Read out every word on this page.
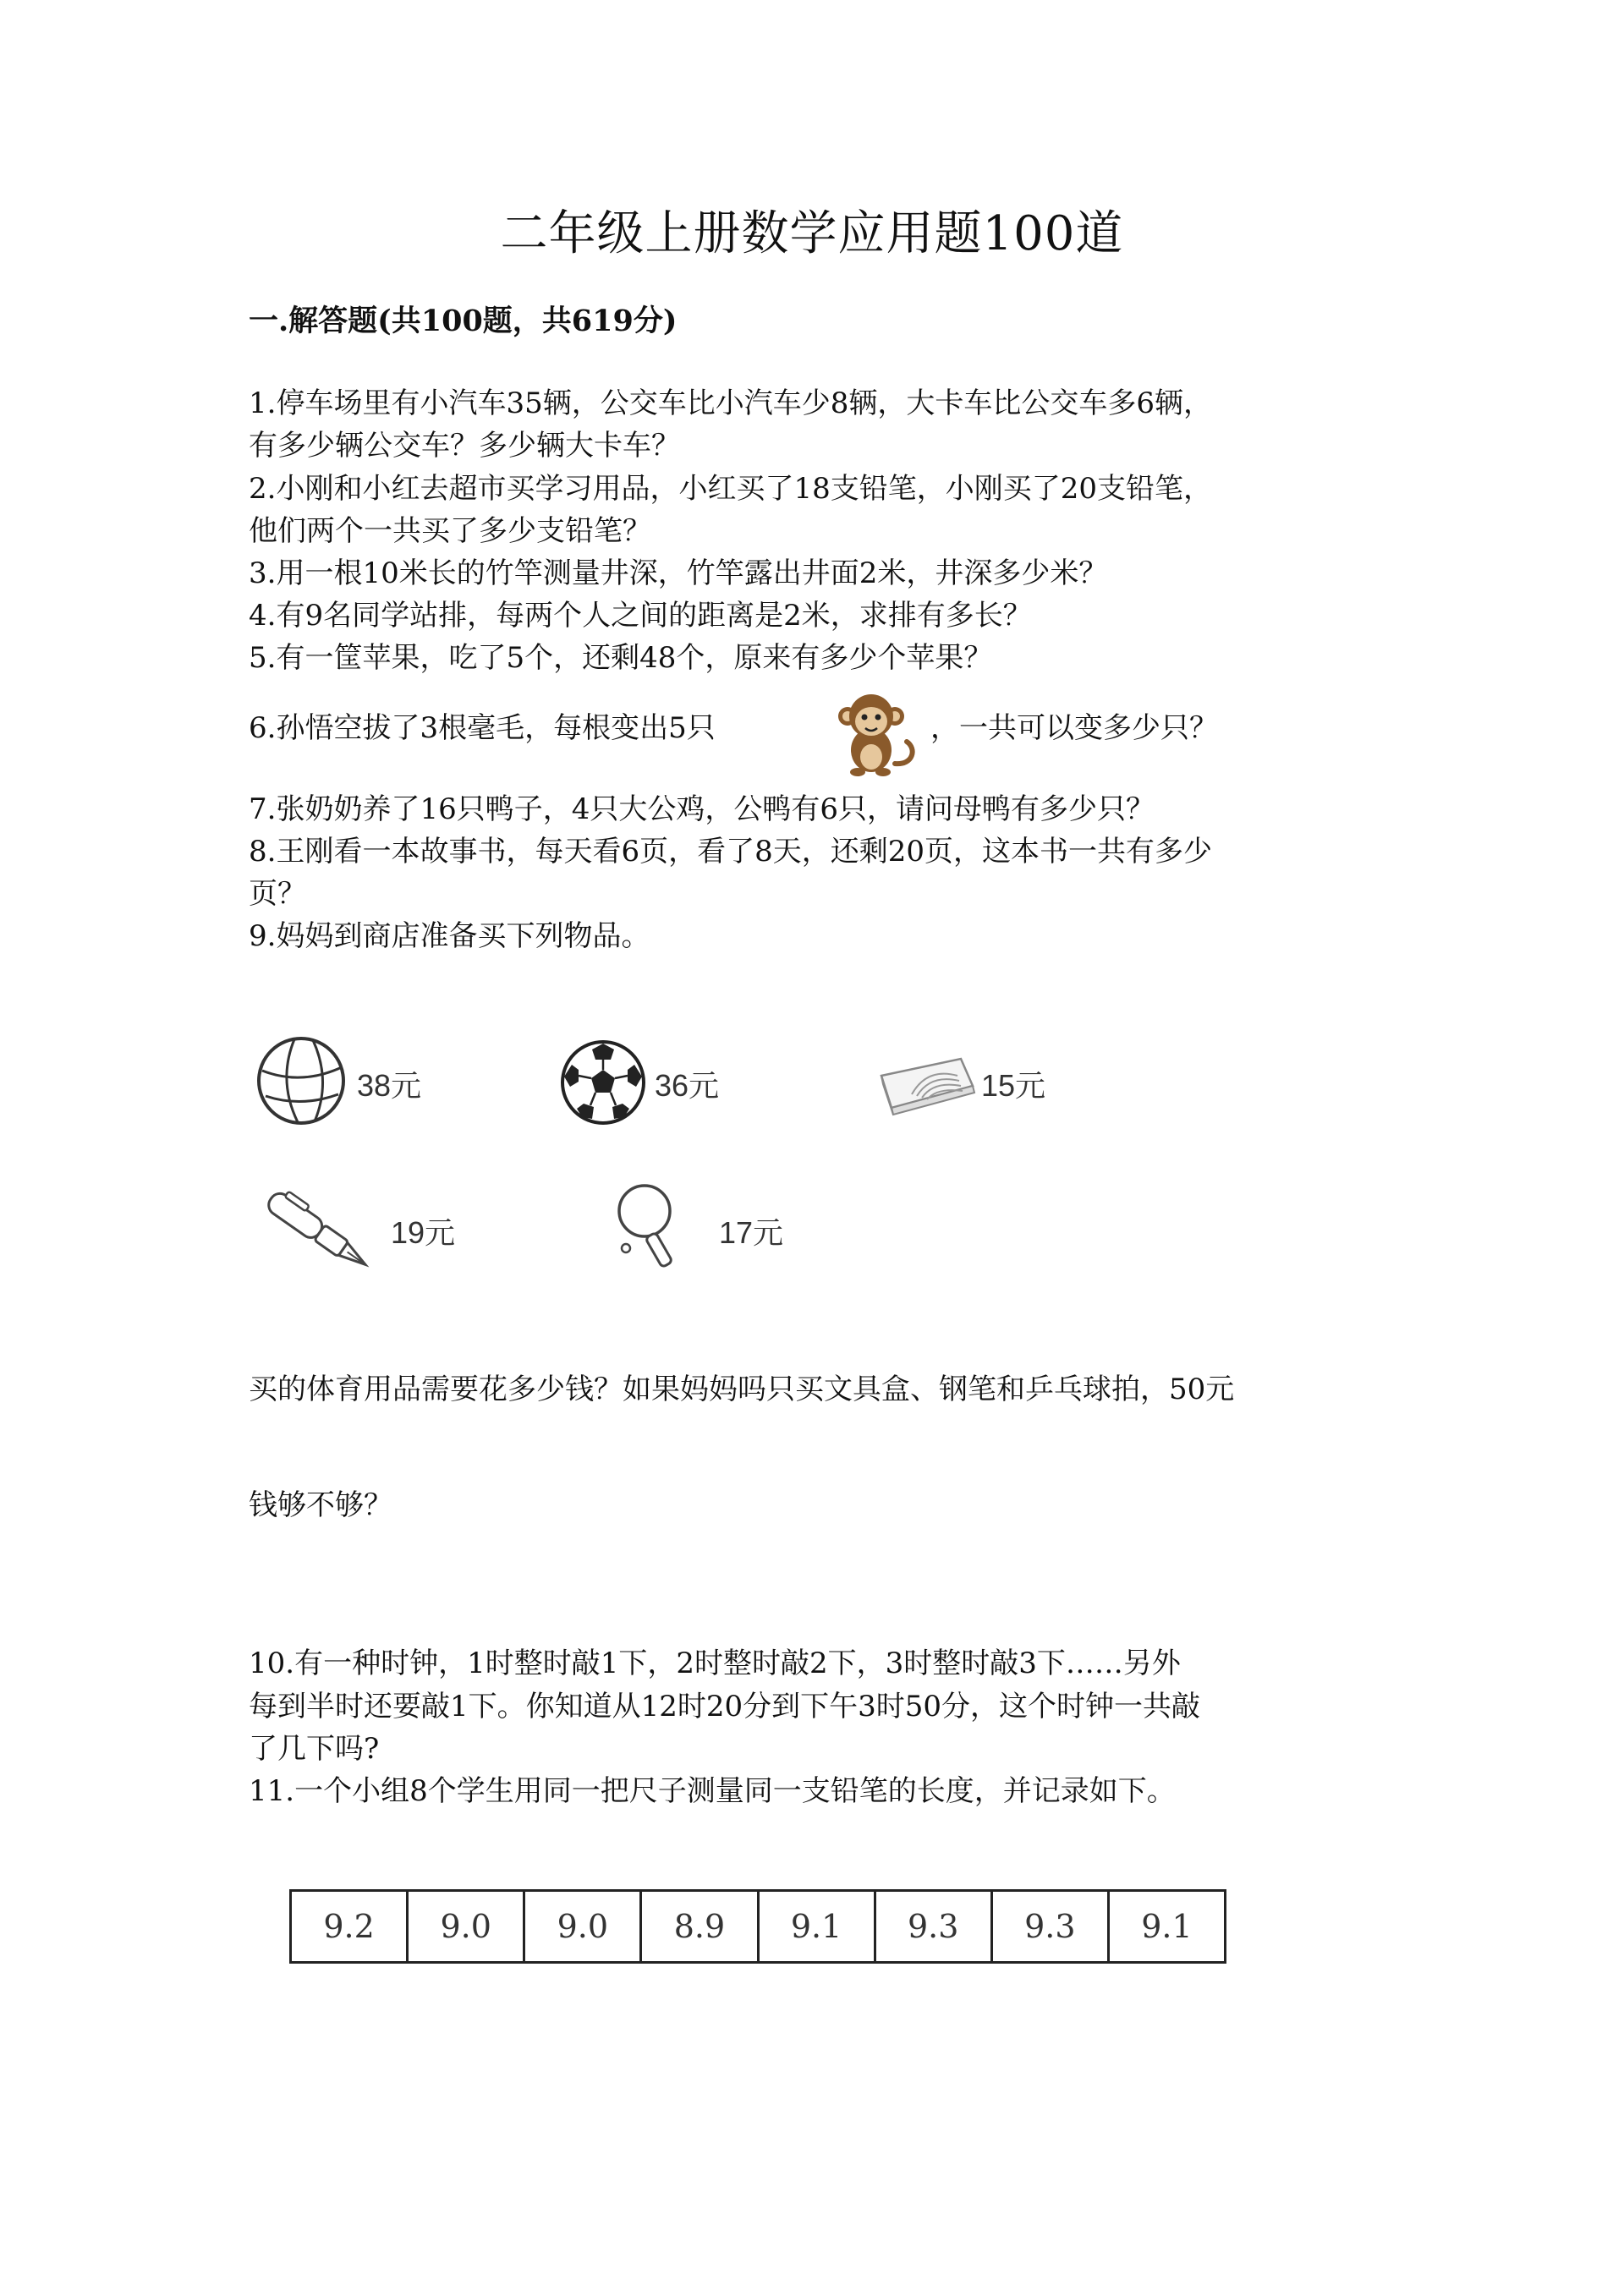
二年级上册数学应用题100道
一.解答题(共100题，共619分)
1.停车场里有小汽车35辆，公交车比小汽车少8辆，大卡车比公交车多6辆，
有多少辆公交车？多少辆大卡车？
2.小刚和小红去超市买学习用品，小红买了18支铅笔，小刚买了20支铅笔，
他们两个一共买了多少支铅笔？
3.用一根10米长的竹竿测量井深，竹竿露出井面2米，井深多少米？
4.有9名同学站排，每两个人之间的距离是2米，求排有多长？
5.有一筐苹果，吃了5个，还剩48个，原来有多少个苹果？
6.孙悟空拔了3根毫毛，每根变出5只	，一共可以变多少只？
7.张奶奶养了16只鸭子，4只大公鸡，公鸭有6只，请问母鸭有多少只？
8.王刚看一本故事书，每天看6页，看了8天，还剩20页，这本书一共有多少
页？
9.妈妈到商店准备买下列物品。
38元	36元	15元
19元	17元
买的体育用品需要花多少钱？如果妈妈吗只买文具盒、钢笔和乒乓球拍，50元
钱够不够？
10.有一种时钟，1时整时敲1下，2时整时敲2下，3时整时敲3下……另外
每到半时还要敲1下。你知道从12时20分到下午3时50分，这个时钟一共敲
了几下吗?
11.一个小组8个学生用同一把尺子测量同一支铅笔的长度，并记录如下。
9.2	9.0	9.0	8.9	9.1	9.3	9.3	9.1
